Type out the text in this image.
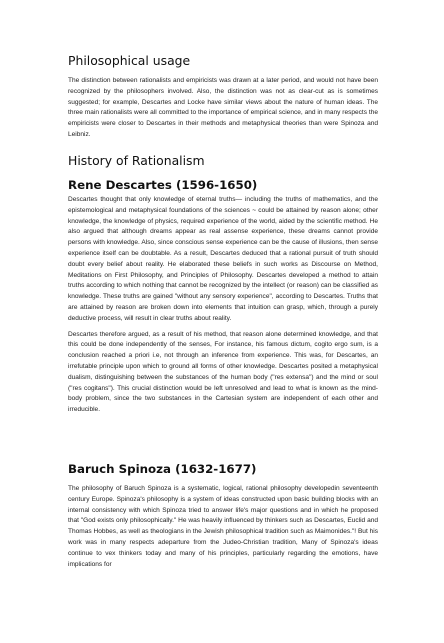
Philosophical usage

The distinction between rationalists and empiricists was drawn at a later period, and would not have been recognized by the philosophers involved. Also, the distinction was not as clear-cut as is sometimes suggested; for example, Descartes and Locke have similar views about the nature of human ideas. The three main rationalists were all committed to the importance of empirical science, and in many respects the empiricists were closer to Descartes in their methods and metaphysical theories than were Spinoza and Leibniz.

History of Rationalism
Rene Descartes (1596-1650)

Descartes thought that only knowledge of eternal truths— including the truths of mathematics, and the epistemological and metaphysical foundations of the sciences ~ could be attained by reason alone; other knowledge, the knowledge of physics, required experience of the world, aided by the scientific method. He also argued that although dreams appear as real assense experience, these dreams cannot provide persons with knowledge. Also, since conscious sense experience can be the cause of illusions, then sense experience itself can be doubtable. As a result, Descartes deduced that a rational pursuit of truth should doubt every belief about reality. He elaborated these beliefs in such works as Discourse on Method, Meditations on First Philosophy, and Principles of Philosophy. Descartes developed a method to attain truths according to which nothing that cannot be recognized by the intellect (or reason) can be classified as knowledge. These truths are gained "without any sensory experience", according to Descartes. Truths that are attained by reason are broken down into elements that intuition can grasp, which, through a purely deductive process, will result in clear truths about reality.

Descartes therefore argued, as a result of his method, that reason alone determined knowledge, and that this could be done independently of the senses, For instance, his famous dictum, cogito ergo sum, is a conclusion reached a priori i.e, not through an inference from experience. This was, for Descartes, an irrefutable principle upon which to ground all forms of other knowledge. Descartes posited a metaphysical dualism, distinguishing between the substances of the human body ("res extensa") and the mind or soul ("res cogitans"). This crucial distinction would be left unresolved and lead to what is known as the mind-body problem, since the two substances in the Cartesian system are independent of each other and irreducible.

Baruch Spinoza (1632-1677)

The philosophy of Baruch Spinoza is a systematic, logical, rational philosophy developedin seventeenth century Europe. Spinoza's philosophy is a system of ideas constructed upon basic building blocks with an internal consistency with which Spinoza tried to answer life's major questions and in which he proposed that "God exists only philosophically." He was heavily influenced by thinkers such as Descartes, Euclid and Thomas Hobbes, as well as theologians in the Jewish philosophical tradition such as Maimonides."! But his work was in many respects adeparture from the Judeo-Christian tradition, Many of Spinoza's ideas continue to vex thinkers today and many of his principles, particularly regarding the emotions, have implications for
